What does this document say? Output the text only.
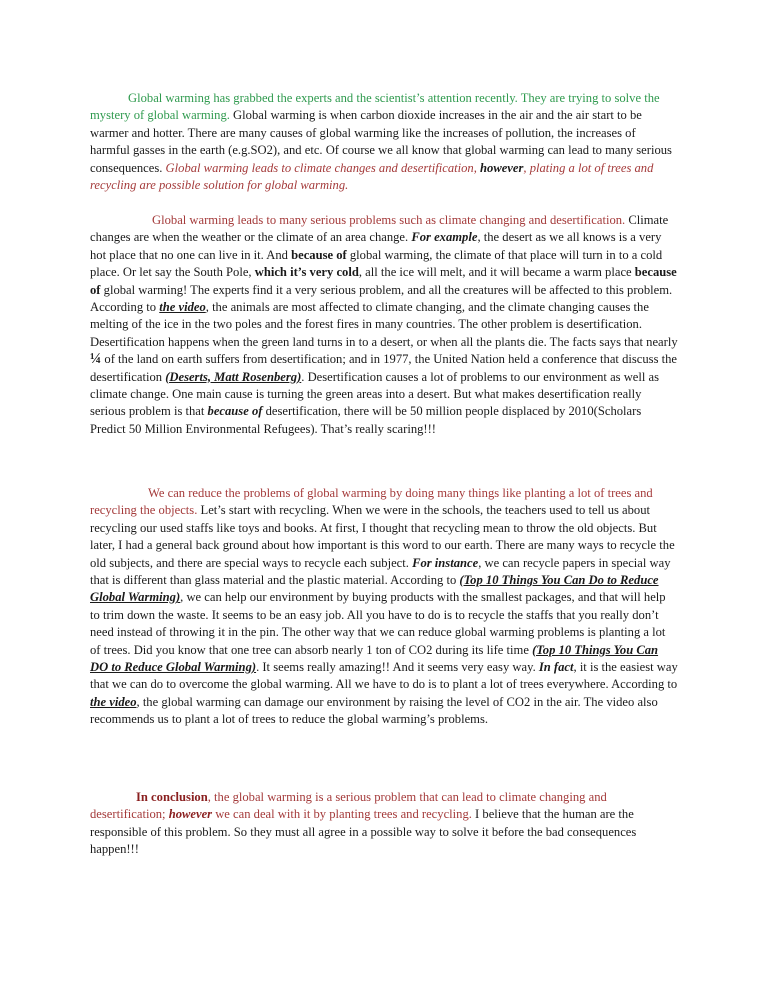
Global warming has grabbed the experts and the scientist’s attention recently. They are trying to solve the mystery of global warming. Global warming is when carbon dioxide increases in the air and the air start to be warmer and hotter. There are many causes of global warming like the increases of pollution, the increases of harmful gasses in the earth (e.g.SO2), and etc. Of course we all know that global warming can lead to many serious consequences. Global warming leads to climate changes and desertification, however, plating a lot of trees and recycling are possible solution for global warming.

Global warming leads to many serious problems such as climate changing and desertification. Climate changes are when the weather or the climate of an area change. For example, the desert as we all knows is a very hot place that no one can live in it. And because of global warming, the climate of that place will turn in to a cold place. Or let say the South Pole, which it’s very cold, all the ice will melt, and it will became a warm place because of global warming! The experts find it a very serious problem, and all the creatures will be affected to this problem. According to the video, the animals are most affected to climate changing, and the climate changing causes the melting of the ice in the two poles and the forest fires in many countries. The other problem is desertification. Desertification happens when the green land turns in to a desert, or when all the plants die. The facts says that nearly ¼ of the land on earth suffers from desertification; and in 1977, the United Nation held a conference that discuss the desertification (Deserts, Matt Rosenberg). Desertification causes a lot of problems to our environment as well as climate change. One main cause is turning the green areas into a desert. But what makes desertification really serious problem is that because of desertification, there will be 50 million people displaced by 2010(Scholars Predict 50 Million Environmental Refugees). That’s really scaring!!!

We can reduce the problems of global warming by doing many things like planting a lot of trees and recycling the objects. Let’s start with recycling. When we were in the schools, the teachers used to tell us about recycling our used staffs like toys and books. At first, I thought that recycling mean to throw the old objects. But later, I had a general back ground about how important is this word to our earth. There are many ways to recycle the old subjects, and there are special ways to recycle each subject. For instance, we can recycle papers in special way that is different than glass material and the plastic material. According to (Top 10 Things You Can Do to Reduce Global Warming), we can help our environment by buying products with the smallest packages, and that will help to trim down the waste. It seems to be an easy job. All you have to do is to recycle the staffs that you really don’t need instead of throwing it in the pin. The other way that we can reduce global warming problems is planting a lot of trees. Did you know that one tree can absorb nearly 1 ton of CO2 during its life time (Top 10 Things You Can DO to Reduce Global Warming). It seems really amazing!! And it seems very easy way. In fact, it is the easiest way that we can do to overcome the global warming. All we have to do is to plant a lot of trees everywhere. According to the video, the global warming can damage our environment by raising the level of CO2 in the air. The video also recommends us to plant a lot of trees to reduce the global warming’s problems.

In conclusion, the global warming is a serious problem that can lead to climate changing and desertification; however we can deal with it by planting trees and recycling. I believe that the human are the responsible of this problem. So they must all agree in a possible way to solve it before the bad consequences happen!!!
